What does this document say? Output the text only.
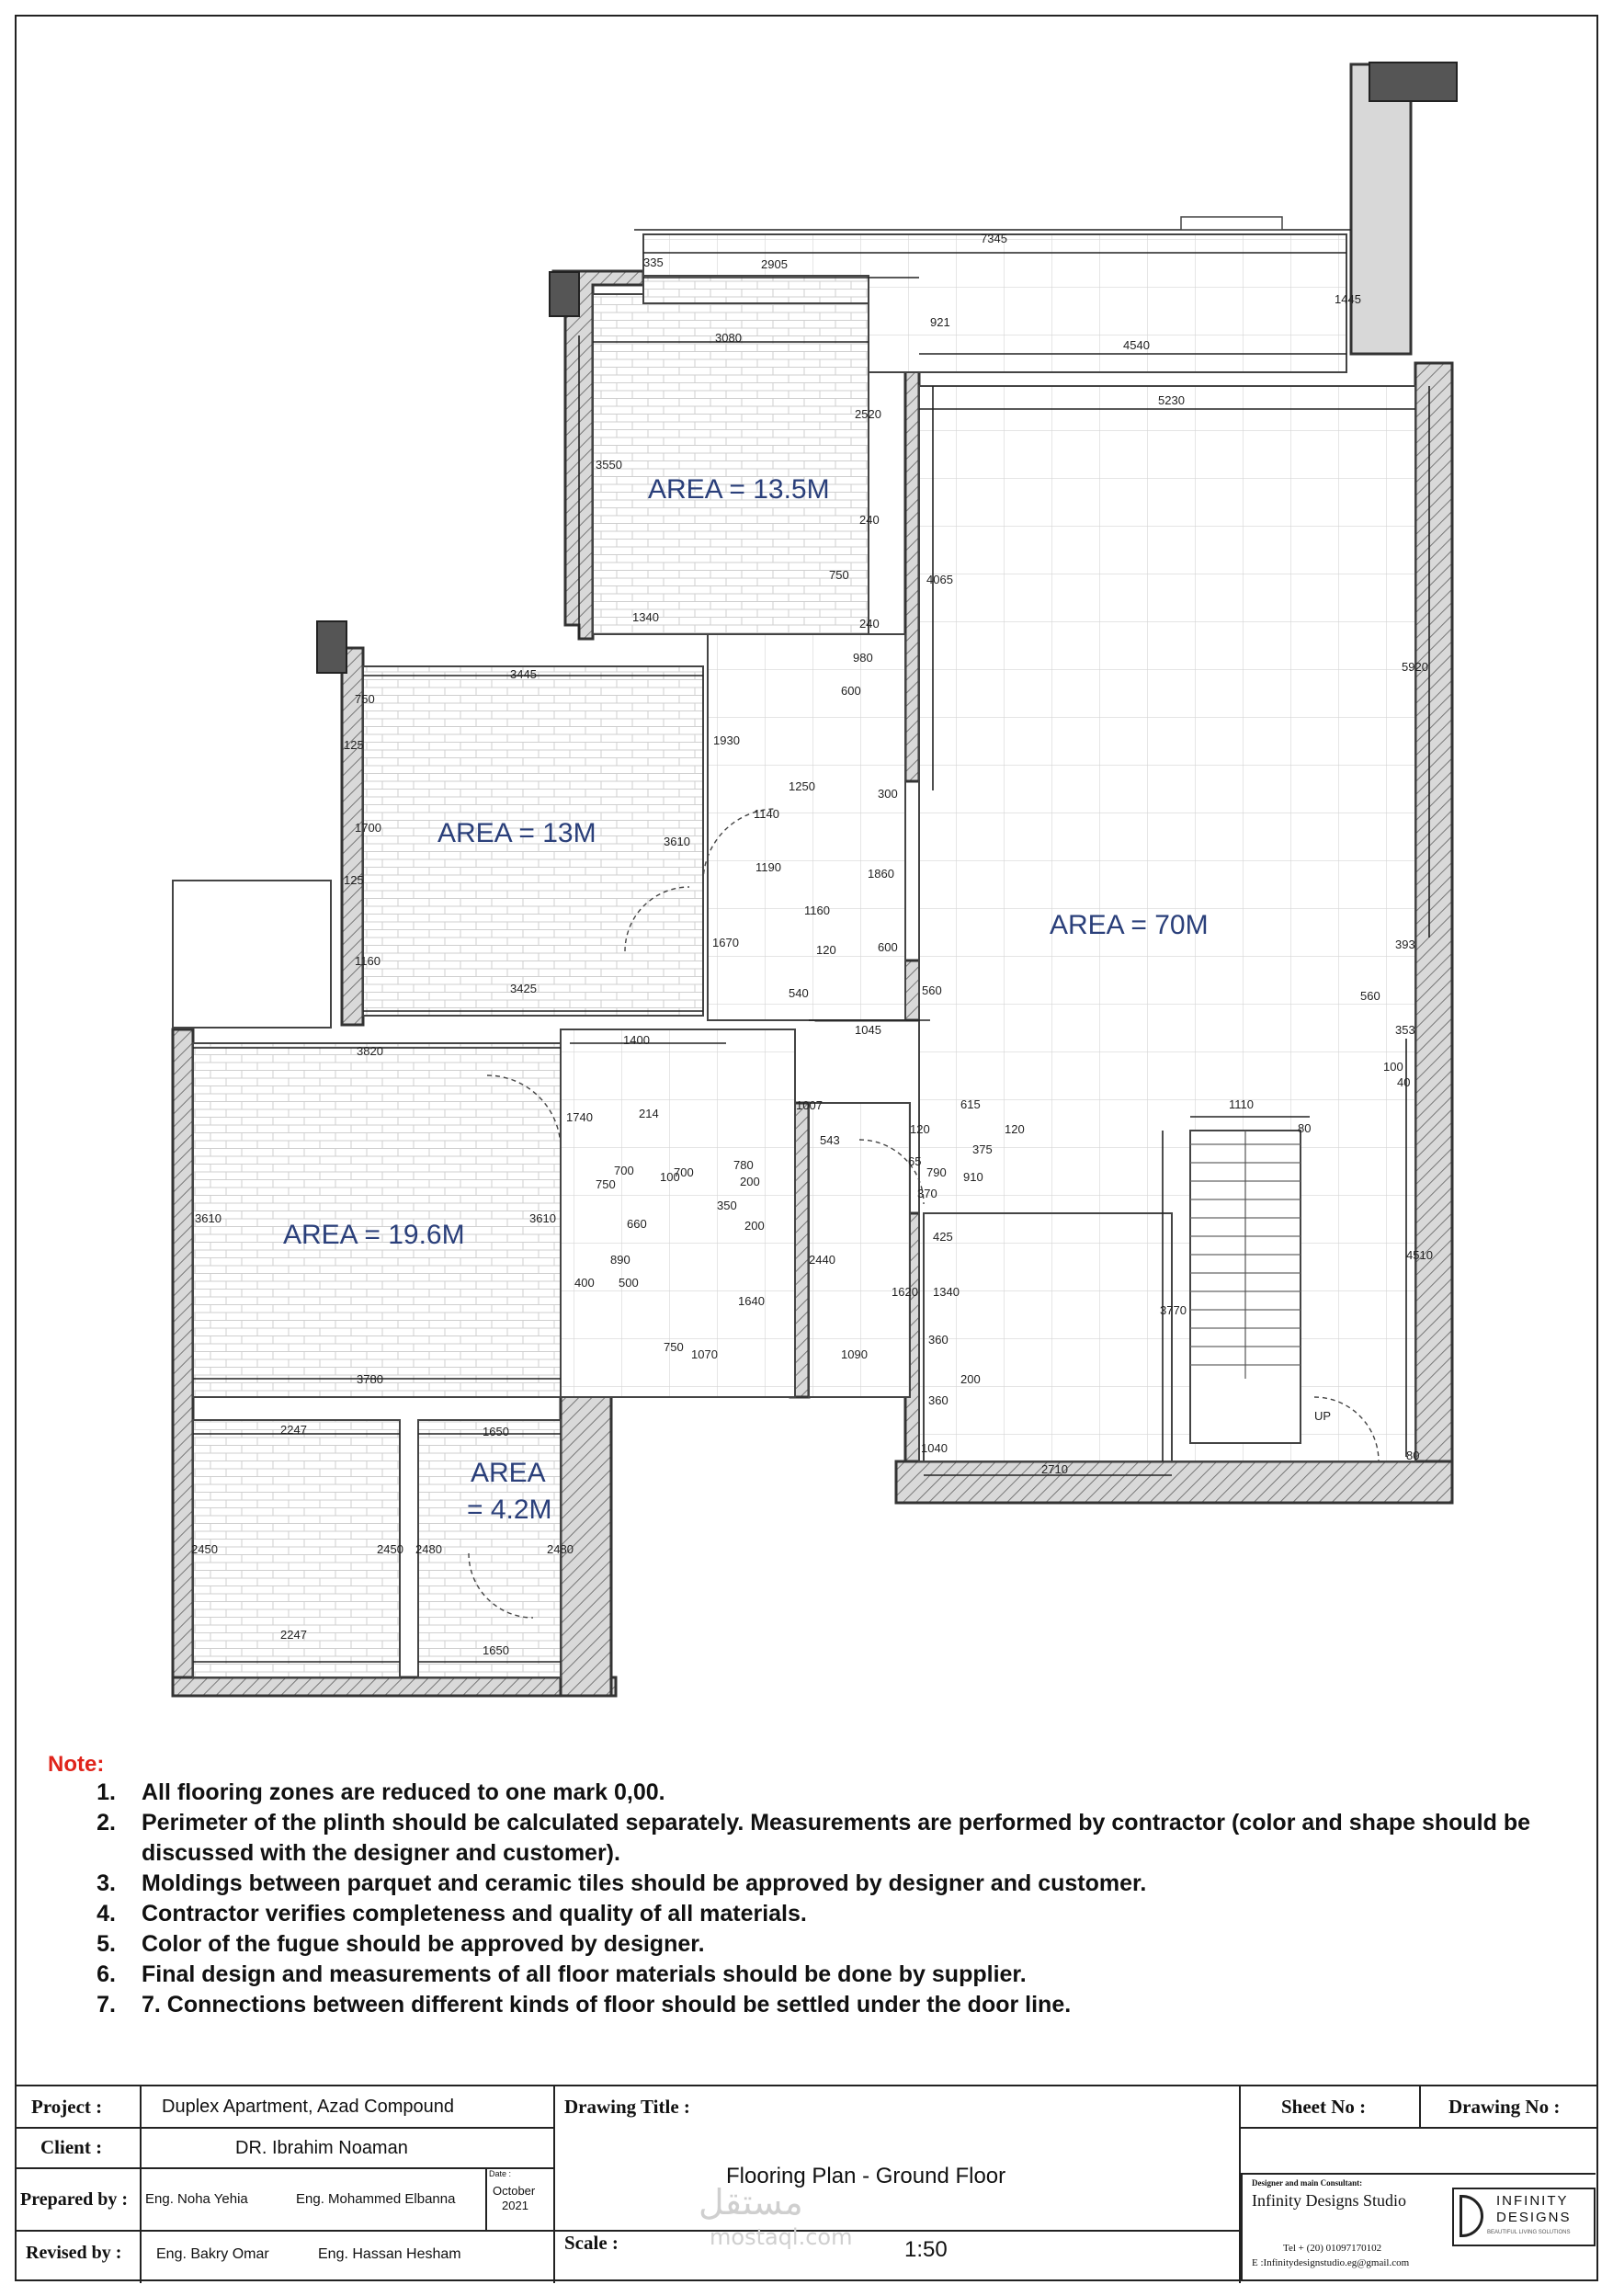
UP
AREA = 13.5M
AREA = 13M
AREA = 19.6M
AREA
= 4.2M
AREA = 70M
7345
335	2905
1445
921
4540
3080
5230
3550
2520
4065
5920
240
750
240
1340
980
600
3445
750
125
1700
125
3610
1930
1250
1140
1190
300
1860
1160
1160
1670
3425
120	600
540	560
1045
393
560
353
100
40
3820
1400
1740	214
700 100
700
1007	615
543
120	120
375
1110
80
780
200
65
910
790
750
660
350
200
370
425
3610	3610
890
400 500
2440
1640
1620 1340
3770
4510
750
1070	1090
360
200
360
3780
2247	1650
1040
2710
80
2450	2450 2480	2480
2247
1650
Note:
1.	All flooring zones are reduced to one mark 0,00.
2.	Perimeter of the plinth should be calculated separately. Measurements are performed by contractor (color and shape should be discussed with the designer and customer).
3.	Moldings between parquet and ceramic tiles should be approved by designer and customer.
4.	Contractor verifies completeness and quality of all materials.
5.	Color of the fugue should be approved by designer.
6.	Final design and measurements of all floor materials should be done by supplier.
7.	7. Connections between different kinds of floor should be settled under the door line.
Project :	Duplex Apartment, Azad Compound
Client :	DR. Ibrahim Noaman
Prepared by : Eng. Noha Yehia	Eng. Mohammed Elbanna
Date :
October
2021
Revised by : Eng. Bakry Omar	Eng. Hassan Hesham
Drawing Title :
Flooring Plan - Ground Floor
Scale :	1:50
مستقل
mostaql.com
Sheet No :	Drawing No :
Designer and main Consultant:
Infinity Designs Studio
Tel + (20) 01097170102
E :Infinitydesignstudio.eg@gmail.com
INFINITY
DESIGNS
BEAUTIFUL LIVING SOLUTIONS
